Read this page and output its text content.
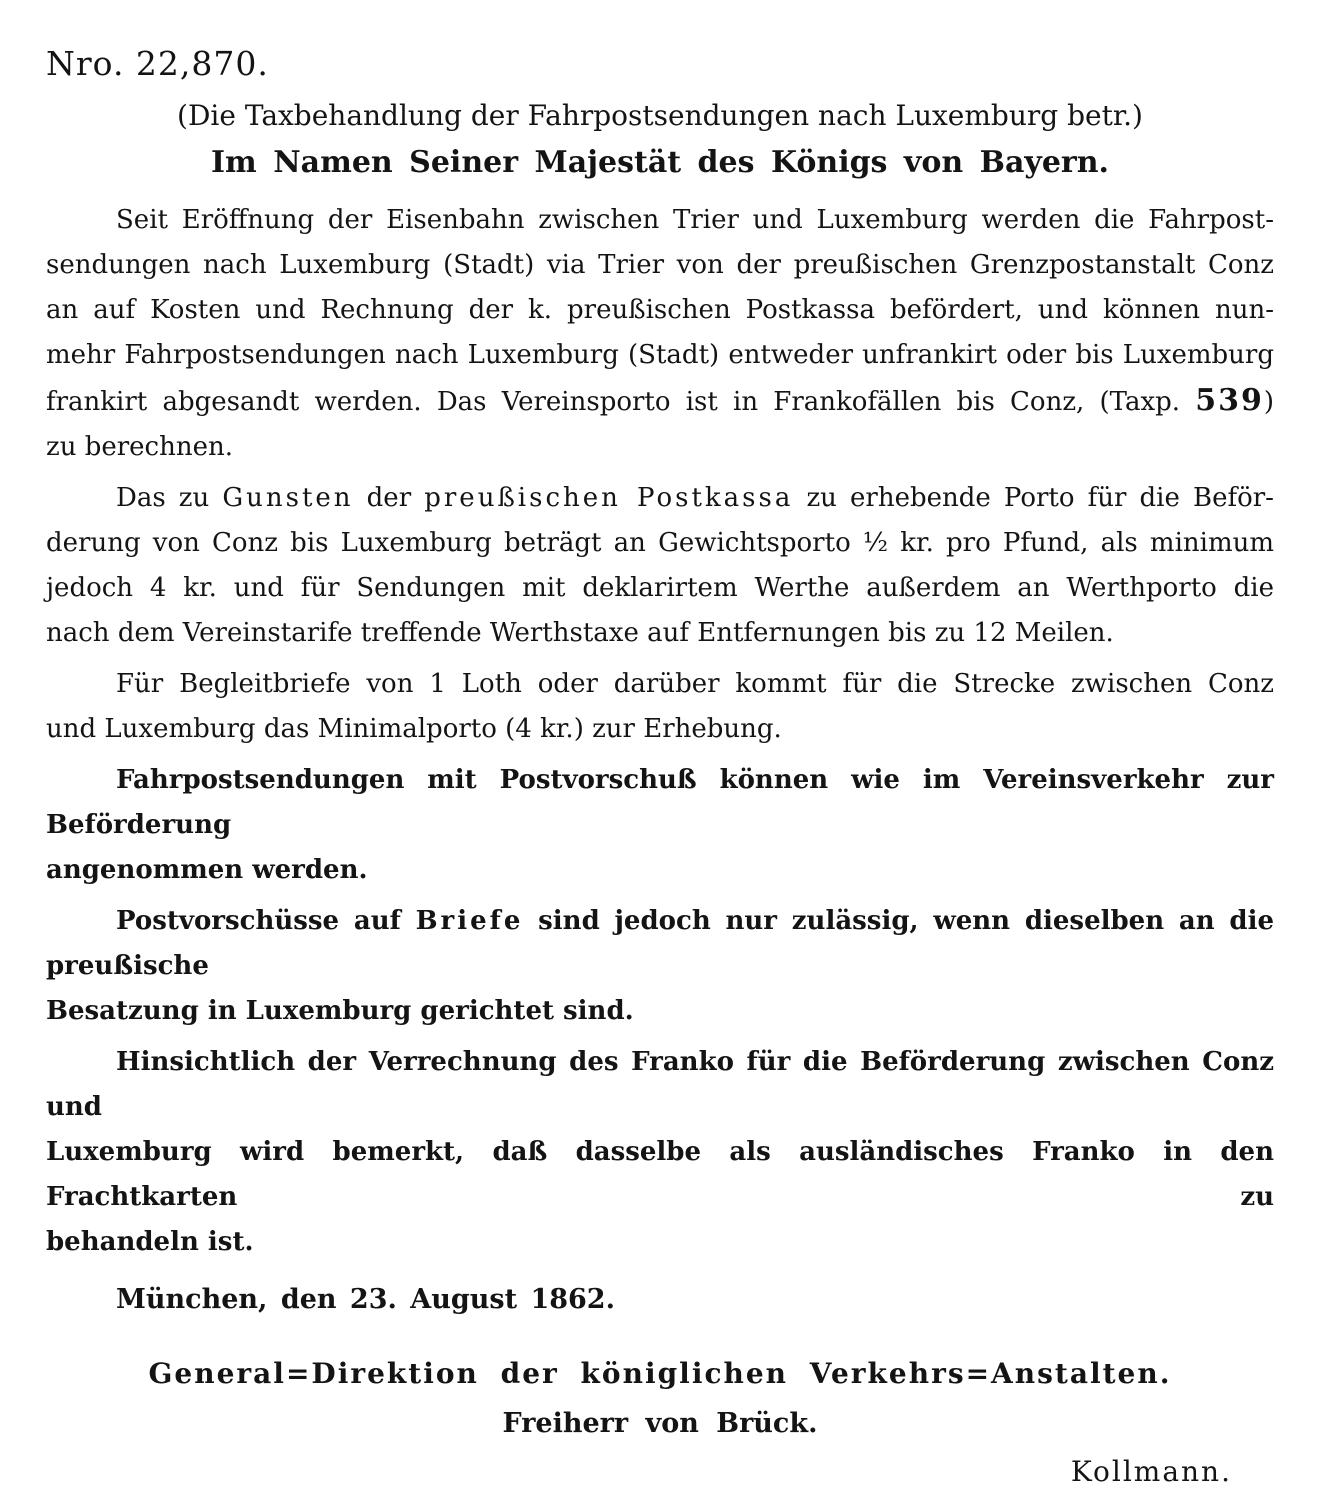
Nro. 22,870.
(Die Taxbehandlung der Fahrpostsendungen nach Luxemburg betr.)
Im Namen Seiner Majestät des Königs von Bayern.
Seit Eröffnung der Eisenbahn zwischen Trier und Luxemburg werden die Fahrpost-
sendungen nach Luxemburg (Stadt) via Trier von der preußischen Grenzpostanstalt Conz
an auf Kosten und Rechnung der k. preußischen Postkassa befördert, und können nun-
mehr Fahrpostsendungen nach Luxemburg (Stadt) entweder unfrankirt oder bis Luxemburg
frankirt abgesandt werden. Das Vereinsporto ist in Frankofällen bis Conz, (Taxp. 539)
zu berechnen.
Das zu Gunsten der preußischen Postkassa zu erhebende Porto für die Beför-
derung von Conz bis Luxemburg beträgt an Gewichtsporto ½ kr. pro Pfund, als minimum
jedoch 4 kr. und für Sendungen mit deklarirtem Werthe außerdem an Werthporto die
nach dem Vereinstarife treffende Werthstaxe auf Entfernungen bis zu 12 Meilen.
Für Begleitbriefe von 1 Loth oder darüber kommt für die Strecke zwischen Conz
und Luxemburg das Minimalporto (4 kr.) zur Erhebung.
Fahrpostsendungen mit Postvorschuß können wie im Vereinsverkehr zur Beförderung
angenommen werden.
Postvorschüsse auf Briefe sind jedoch nur zulässig, wenn dieselben an die preußische
Besatzung in Luxemburg gerichtet sind.
Hinsichtlich der Verrechnung des Franko für die Beförderung zwischen Conz und
Luxemburg wird bemerkt, daß dasselbe als ausländisches Franko in den Frachtkarten zu
behandeln ist.
München, den 23. August 1862.
General=Direktion der königlichen Verkehrs=Anstalten.
Freiherr von Brück.
Kollmann.
